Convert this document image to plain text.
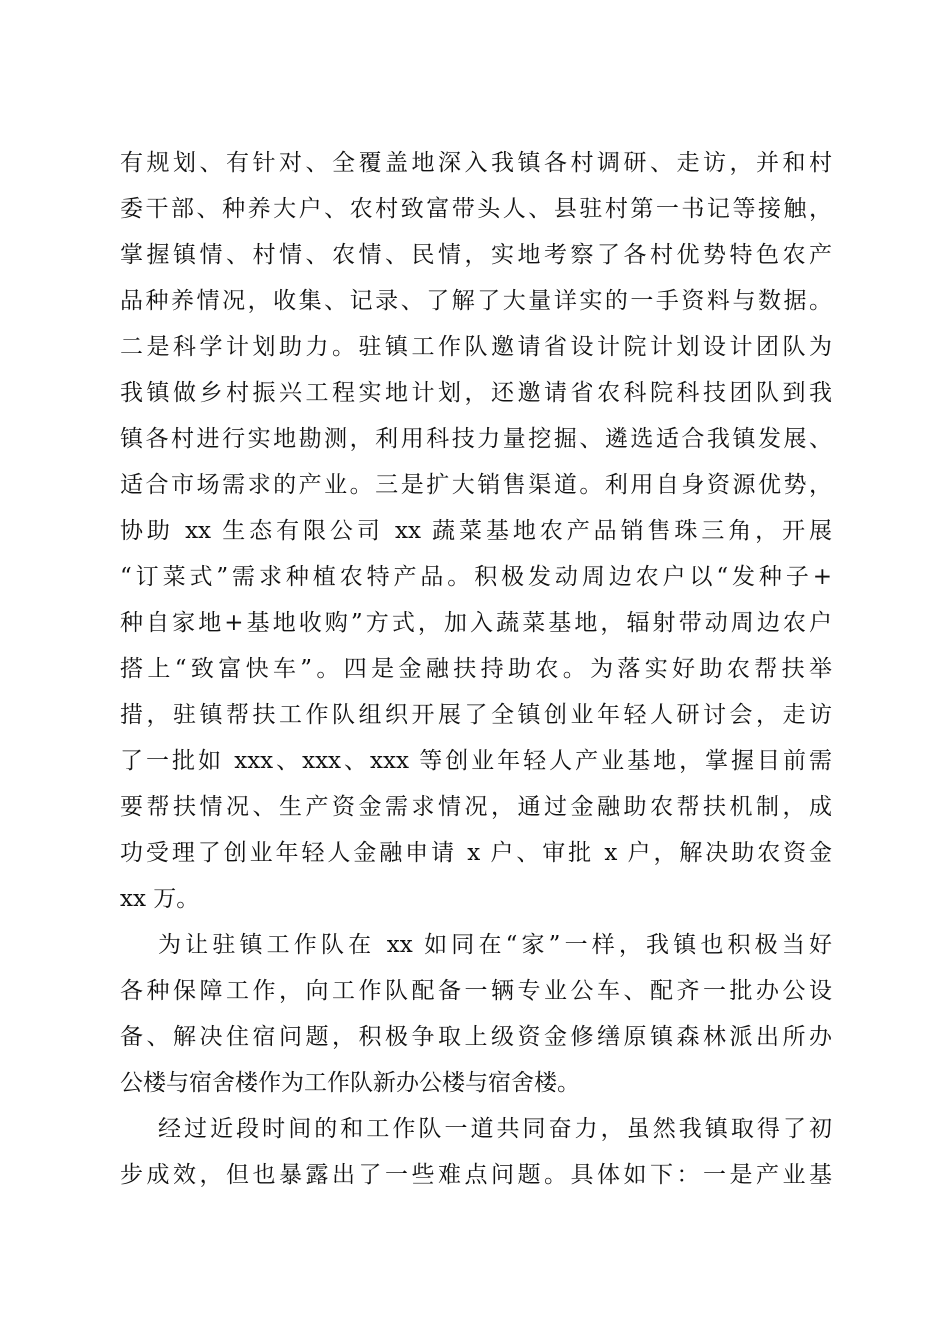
有规划、有针对、全覆盖地深入我镇各村调研、走访，并和村
委干部、种养大户、农村致富带头人、县驻村第一书记等接触，
掌握镇情、村情、农情、民情，实地考察了各村优势特色农产
品种养情况，收集、记录、了解了大量详实的一手资料与数据。
二是科学计划助力。驻镇工作队邀请省设计院计划设计团队为
我镇做乡村振兴工程实地计划，还邀请省农科院科技团队到我
镇各村进行实地勘测，利用科技力量挖掘、遴选适合我镇发展、
适合市场需求的产业。三是扩大销售渠道。利用自身资源优势，
协助 xx 生态有限公司 xx 蔬菜基地农产品销售珠三角，开展
“订菜式”需求种植农特产品。积极发动周边农户以“发种子+
种自家地+基地收购”方式，加入蔬菜基地，辐射带动周边农户
搭上“致富快车”。四是金融扶持助农。为落实好助农帮扶举
措，驻镇帮扶工作队组织开展了全镇创业年轻人研讨会，走访
了一批如 xxx、xxx、xxx 等创业年轻人产业基地，掌握目前需
要帮扶情况、生产资金需求情况，通过金融助农帮扶机制，成
功受理了创业年轻人金融申请 x 户、审批 x 户，解决助农资金
xx 万。
为让驻镇工作队在 xx 如同在“家”一样，我镇也积极当好
各种保障工作，向工作队配备一辆专业公车、配齐一批办公设
备、解决住宿问题，积极争取上级资金修缮原镇森林派出所办
公楼与宿舍楼作为工作队新办公楼与宿舍楼。
经过近段时间的和工作队一道共同奋力，虽然我镇取得了初
步成效，但也暴露出了一些难点问题。具体如下：一是产业基
